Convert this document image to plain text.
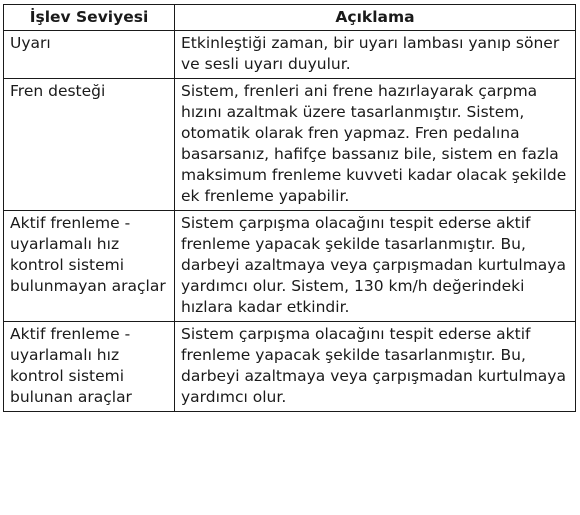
İşlev Seviyesi	Açıklama
Uyarı	Etkinleştiği zaman, bir uyarı lambası yanıp söner ve sesli uyarı duyulur.
Fren desteği	Sistem, frenleri ani frene hazırlayarak çarpma hızını azaltmak üzere tasarlanmıştır. Sistem, otomatik olarak fren yapmaz. Fren pedalına basarsanız, hafifçe bassanız bile, sistem en fazla maksimum frenleme kuvveti kadar olacak şekilde ek frenleme yapabilir.
Aktif frenleme - uyarlamalı hız kontrol sistemi bulunmayan araçlar	Sistem çarpışma olacağını tespit ederse aktif frenleme yapacak şekilde tasarlanmıştır. Bu, darbeyi azaltmaya veya çarpışmadan kurtulmaya yardımcı olur. Sistem, 130 km/h değerindeki hızlara kadar etkindir.
Aktif frenleme - uyarlamalı hız kontrol sistemi bulunan araçlar	Sistem çarpışma olacağını tespit ederse aktif frenleme yapacak şekilde tasarlanmıştır. Bu, darbeyi azaltmaya veya çarpışmadan kurtulmaya yardımcı olur.
